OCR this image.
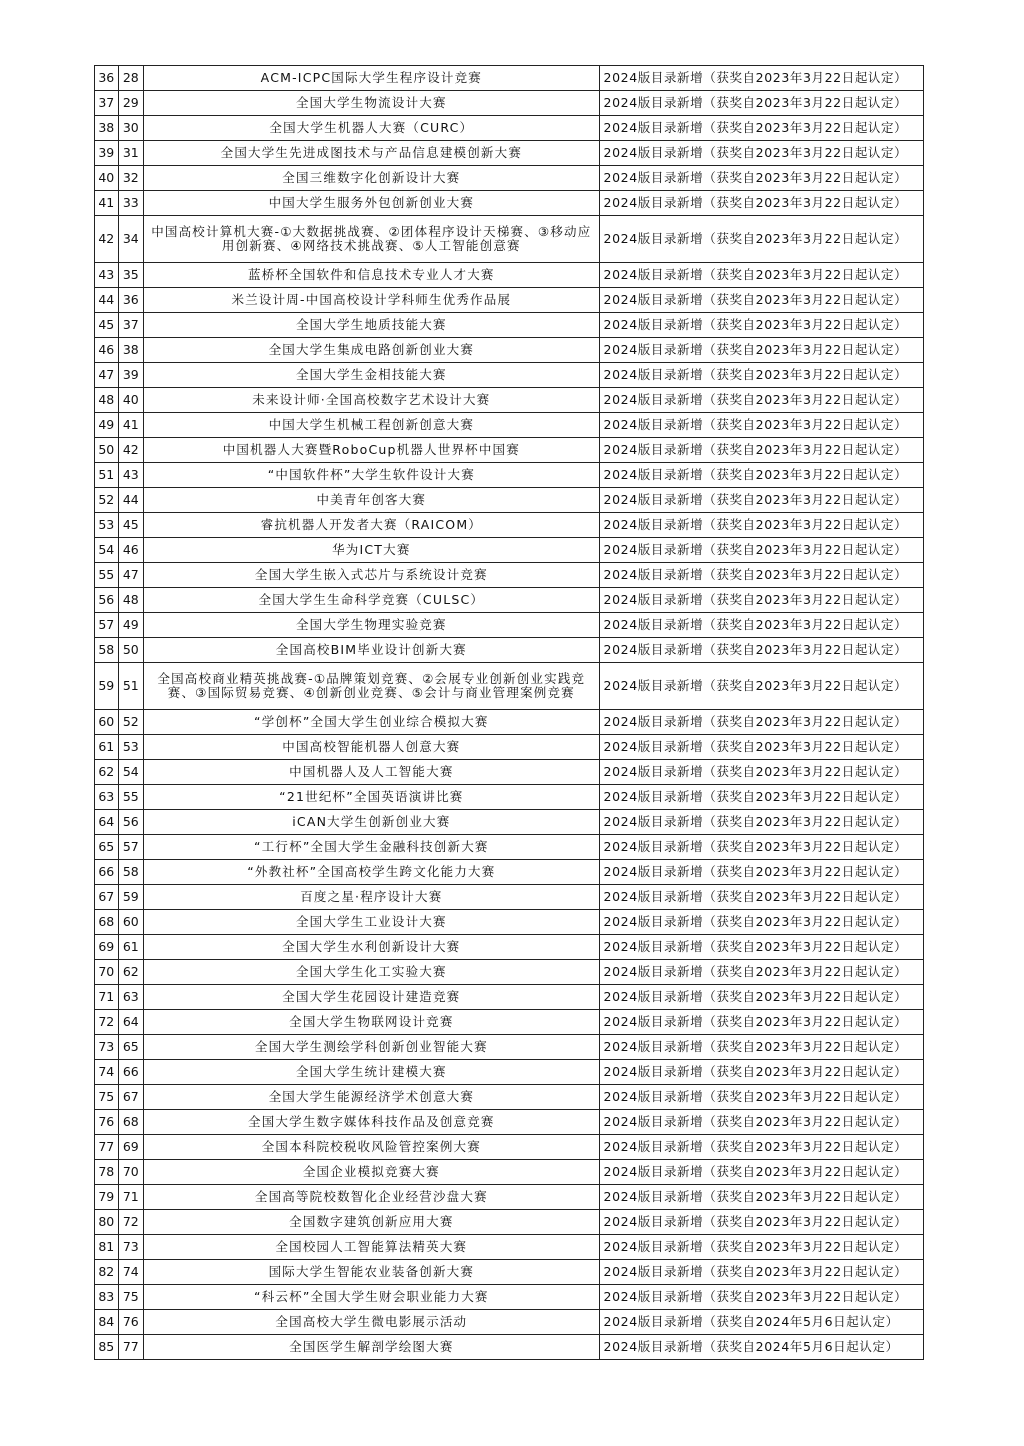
36	28	ACM-ICPC国际大学生程序设计竞赛	2024版目录新增（获奖自2023年3月22日起认定）
37	29	全国大学生物流设计大赛	2024版目录新增（获奖自2023年3月22日起认定）
38	30	全国大学生机器人大赛（CURC）	2024版目录新增（获奖自2023年3月22日起认定）
39	31	全国大学生先进成图技术与产品信息建模创新大赛	2024版目录新增（获奖自2023年3月22日起认定）
40	32	全国三维数字化创新设计大赛	2024版目录新增（获奖自2023年3月22日起认定）
41	33	中国大学生服务外包创新创业大赛	2024版目录新增（获奖自2023年3月22日起认定）
42	34	中国高校计算机大赛-①大数据挑战赛、②团体程序设计天梯赛、③移动应用创新赛、④网络技术挑战赛、⑤人工智能创意赛	2024版目录新增（获奖自2023年3月22日起认定）
43	35	蓝桥杯全国软件和信息技术专业人才大赛	2024版目录新增（获奖自2023年3月22日起认定）
44	36	米兰设计周-中国高校设计学科师生优秀作品展	2024版目录新增（获奖自2023年3月22日起认定）
45	37	全国大学生地质技能大赛	2024版目录新增（获奖自2023年3月22日起认定）
46	38	全国大学生集成电路创新创业大赛	2024版目录新增（获奖自2023年3月22日起认定）
47	39	全国大学生金相技能大赛	2024版目录新增（获奖自2023年3月22日起认定）
48	40	未来设计师·全国高校数字艺术设计大赛	2024版目录新增（获奖自2023年3月22日起认定）
49	41	中国大学生机械工程创新创意大赛	2024版目录新增（获奖自2023年3月22日起认定）
50	42	中国机器人大赛暨RoboCup机器人世界杯中国赛	2024版目录新增（获奖自2023年3月22日起认定）
51	43	“中国软件杯”大学生软件设计大赛	2024版目录新增（获奖自2023年3月22日起认定）
52	44	中美青年创客大赛	2024版目录新增（获奖自2023年3月22日起认定）
53	45	睿抗机器人开发者大赛（RAICOM）	2024版目录新增（获奖自2023年3月22日起认定）
54	46	华为ICT大赛	2024版目录新增（获奖自2023年3月22日起认定）
55	47	全国大学生嵌入式芯片与系统设计竞赛	2024版目录新增（获奖自2023年3月22日起认定）
56	48	全国大学生生命科学竞赛（CULSC）	2024版目录新增（获奖自2023年3月22日起认定）
57	49	全国大学生物理实验竞赛	2024版目录新增（获奖自2023年3月22日起认定）
58	50	全国高校BIM毕业设计创新大赛	2024版目录新增（获奖自2023年3月22日起认定）
59	51	全国高校商业精英挑战赛-①品牌策划竞赛、②会展专业创新创业实践竞赛、③国际贸易竞赛、④创新创业竞赛、⑤会计与商业管理案例竞赛	2024版目录新增（获奖自2023年3月22日起认定）
60	52	“学创杯”全国大学生创业综合模拟大赛	2024版目录新增（获奖自2023年3月22日起认定）
61	53	中国高校智能机器人创意大赛	2024版目录新增（获奖自2023年3月22日起认定）
62	54	中国机器人及人工智能大赛	2024版目录新增（获奖自2023年3月22日起认定）
63	55	“21世纪杯”全国英语演讲比赛	2024版目录新增（获奖自2023年3月22日起认定）
64	56	iCAN大学生创新创业大赛	2024版目录新增（获奖自2023年3月22日起认定）
65	57	“工行杯”全国大学生金融科技创新大赛	2024版目录新增（获奖自2023年3月22日起认定）
66	58	“外教社杯”全国高校学生跨文化能力大赛	2024版目录新增（获奖自2023年3月22日起认定）
67	59	百度之星·程序设计大赛	2024版目录新增（获奖自2023年3月22日起认定）
68	60	全国大学生工业设计大赛	2024版目录新增（获奖自2023年3月22日起认定）
69	61	全国大学生水利创新设计大赛	2024版目录新增（获奖自2023年3月22日起认定）
70	62	全国大学生化工实验大赛	2024版目录新增（获奖自2023年3月22日起认定）
71	63	全国大学生花园设计建造竞赛	2024版目录新增（获奖自2023年3月22日起认定）
72	64	全国大学生物联网设计竞赛	2024版目录新增（获奖自2023年3月22日起认定）
73	65	全国大学生测绘学科创新创业智能大赛	2024版目录新增（获奖自2023年3月22日起认定）
74	66	全国大学生统计建模大赛	2024版目录新增（获奖自2023年3月22日起认定）
75	67	全国大学生能源经济学术创意大赛	2024版目录新增（获奖自2023年3月22日起认定）
76	68	全国大学生数字媒体科技作品及创意竞赛	2024版目录新增（获奖自2023年3月22日起认定）
77	69	全国本科院校税收风险管控案例大赛	2024版目录新增（获奖自2023年3月22日起认定）
78	70	全国企业模拟竞赛大赛	2024版目录新增（获奖自2023年3月22日起认定）
79	71	全国高等院校数智化企业经营沙盘大赛	2024版目录新增（获奖自2023年3月22日起认定）
80	72	全国数字建筑创新应用大赛	2024版目录新增（获奖自2023年3月22日起认定）
81	73	全国校园人工智能算法精英大赛	2024版目录新增（获奖自2023年3月22日起认定）
82	74	国际大学生智能农业装备创新大赛	2024版目录新增（获奖自2023年3月22日起认定）
83	75	“科云杯”全国大学生财会职业能力大赛	2024版目录新增（获奖自2023年3月22日起认定）
84	76	全国高校大学生微电影展示活动	2024版目录新增（获奖自2024年5月6日起认定）
85	77	全国医学生解剖学绘图大赛	2024版目录新增（获奖自2024年5月6日起认定）
